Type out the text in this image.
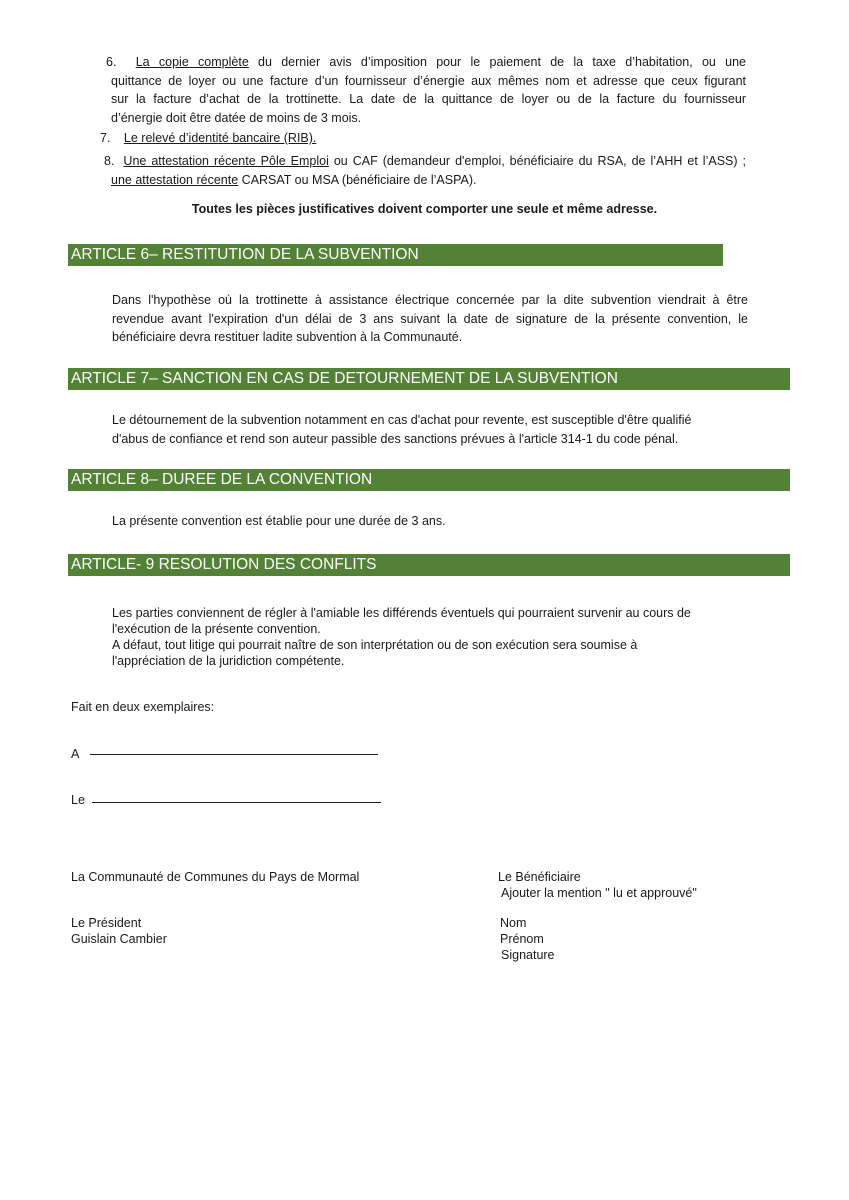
6. La copie complète du dernier avis d’imposition pour le paiement de la taxe d’habitation, ou une
quittance de loyer ou une facture d’un fournisseur d’énergie aux mêmes nom et adresse que ceux figurant
sur la facture d’achat de la trottinette. La date de la quittance de loyer ou de la facture du fournisseur
d’énergie doit être datée de moins de 3 mois.
7. Le relevé d’identité bancaire (RIB).
8. Une attestation récente Pôle Emploi ou CAF (demandeur d'emploi, bénéficiaire du RSA, de l’AHH et l’ASS) ;
une attestation récente CARSAT ou MSA (bénéficiaire de l’ASPA).
Toutes les pièces justificatives doivent comporter une seule et même adresse.
ARTICLE 6– RESTITUTION DE LA SUBVENTION
Dans l'hypothèse où la trottinette à assistance électrique concernée par la dite subvention viendrait à être
revendue avant l'expiration d'un délai de 3 ans suivant la date de signature de la présente convention, le
bénéficiaire devra restituer ladite subvention à la Communauté.
ARTICLE 7– SANCTION EN CAS DE DETOURNEMENT DE LA SUBVENTION
Le détournement de la subvention notamment en cas d'achat pour revente, est susceptible d'être qualifié
d'abus de confiance et rend son auteur passible des sanctions prévues à l'article 314-1 du code pénal.
ARTICLE 8– DUREE DE LA CONVENTION
La présente convention est établie pour une durée de 3 ans.
ARTICLE- 9 RESOLUTION DES CONFLITS
Les parties conviennent de régler à l'amiable les différends éventuels qui pourraient survenir au cours de
l'exécution de la présente convention.
A défaut, tout litige qui pourrait naître de son interprétation ou de son exécution sera soumise à
l'appréciation de la juridiction compétente.
Fait en deux exemplaires:
A
Le
La Communauté de Communes du Pays de Mormal
Le Président
Guislain Cambier
Le Bénéficiaire
Ajouter la mention " lu et approuvé"
Nom
Prénom
Signature
